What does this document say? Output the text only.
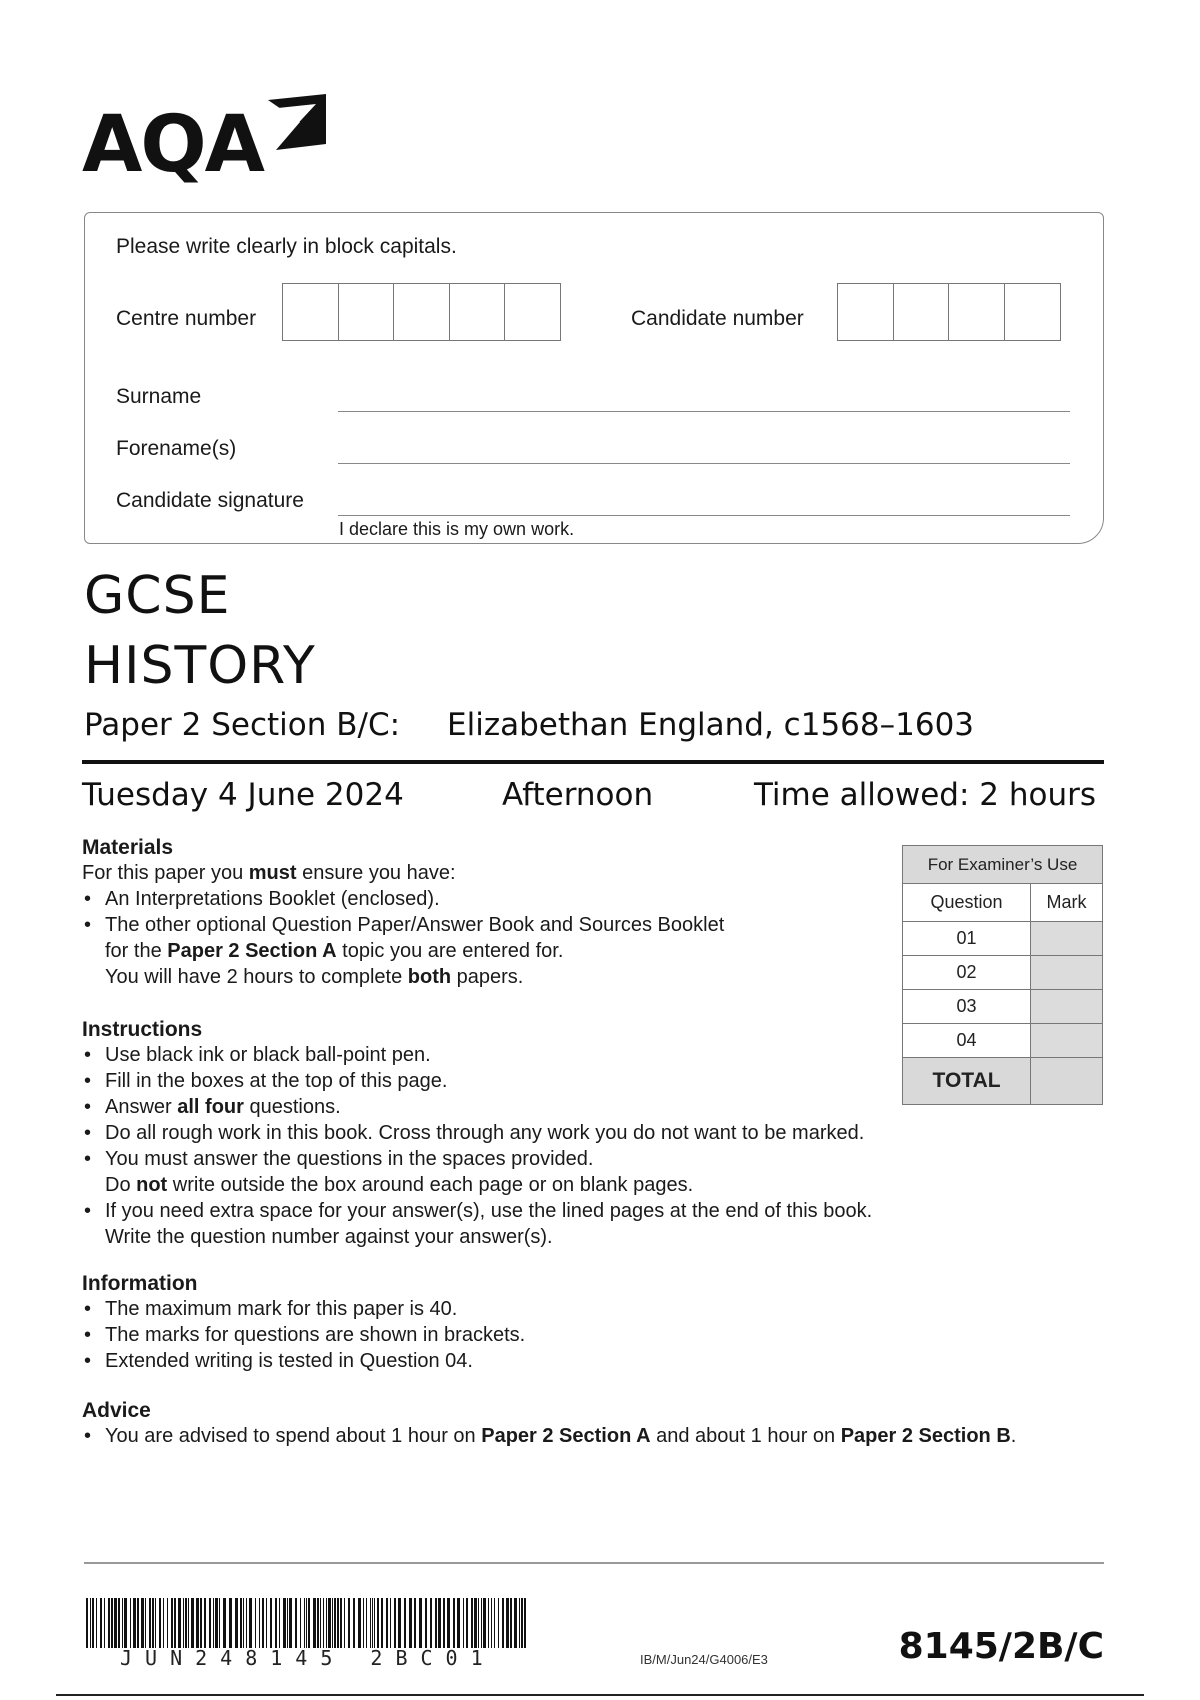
AQA
Please write clearly in block capitals.
Centre number	Candidate number
Surname
Forename(s)
Candidate signature
I declare this is my own work.
GCSE
HISTORY
Paper 2 Section B/C: Elizabethan England, c1568–1603
Tuesday 4 June 2024	Afternoon	Time allowed: 2 hours
For Examiner’s Use	
Question	Mark
01	
02	
03	
04	
TOTAL	
Materials
For this paper you must ensure you have:
• An Interpretations Booklet (enclosed).
• The other optional Question Paper/Answer Book and Sources Booklet
for the Paper 2 Section A topic you are entered for.
You will have 2 hours to complete both papers.
Instructions
• Use black ink or black ball-point pen.
• Fill in the boxes at the top of this page.
• Answer all four questions.
• Do all rough work in this book. Cross through any work you do not want to be marked.
• You must answer the questions in the spaces provided.
Do not write outside the box around each page or on blank pages.
• If you need extra space for your answer(s), use the lined pages at the end of this book.
Write the question number against your answer(s).
Information
• The maximum mark for this paper is 40.
• The marks for questions are shown in brackets.
• Extended writing is tested in Question 04.
Advice
• You are advised to spend about 1 hour on Paper 2 Section A and about 1 hour on Paper 2 Section B.
JUN248145 2BC01	IB/M/Jun24/G4006/E3	8145/2B/C
